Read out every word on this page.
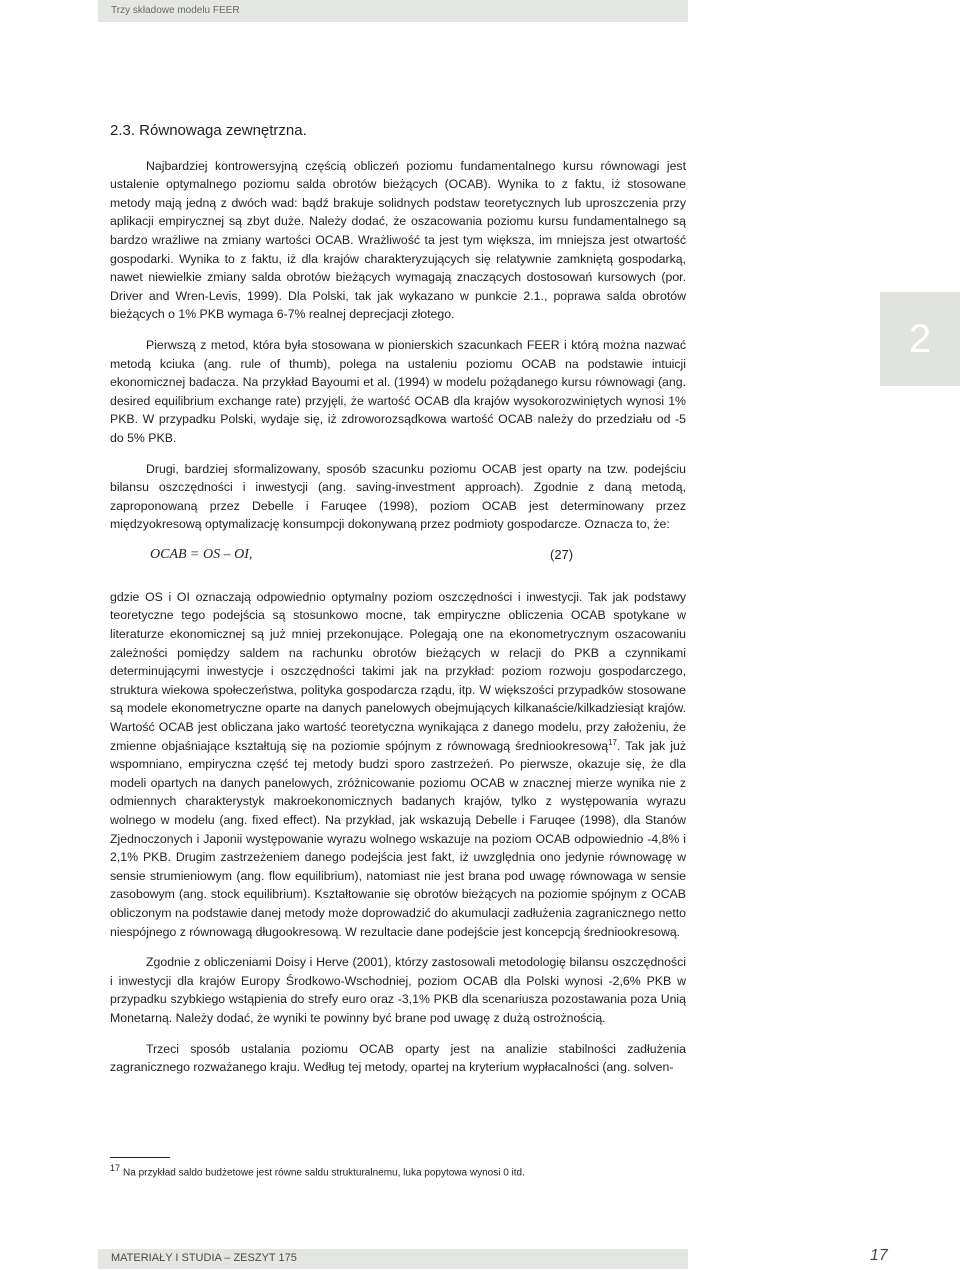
Trzy składowe modelu FEER
2
2.3. Równowaga zewnętrzna.

Najbardziej kontrowersyjną częścią obliczeń poziomu fundamentalnego kursu równowagi jest ustalenie optymalnego poziomu salda obrotów bieżących (OCAB). Wynika to z faktu, iż stosowane metody mają jedną z dwóch wad: bądź brakuje solidnych podstaw teoretycznych lub uproszczenia przy aplikacji empirycznej są zbyt duże. Należy dodać, że oszacowania poziomu kursu fundamentalnego są bardzo wrażliwe na zmiany wartości OCAB. Wrażliwość ta jest tym większa, im mniejsza jest otwartość gospodarki. Wynika to z faktu, iż dla krajów charakteryzujących się relatywnie zamkniętą gospodarką, nawet niewielkie zmiany salda obrotów bieżących wymagają znaczących dostosowań kursowych (por. Driver and Wren-Levis, 1999). Dla Polski, tak jak wykazano w punkcie 2.1., poprawa salda obrotów bieżących o 1% PKB wymaga 6-7% realnej deprecjacji złotego.

Pierwszą z metod, która była stosowana w pionierskich szacunkach FEER i którą można nazwać metodą kciuka (ang. rule of thumb), polega na ustaleniu poziomu OCAB na podstawie intuicji ekonomicznej badacza. Na przykład Bayoumi et al. (1994) w modelu pożądanego kursu równowagi (ang. desired equilibrium exchange rate) przyjęli, że wartość OCAB dla krajów wysokorozwiniętych wynosi 1% PKB. W przypadku Polski, wydaje się, iż zdroworozsądkowa wartość OCAB należy do przedziału od -5 do 5% PKB.

Drugi, bardziej sformalizowany, sposób szacunku poziomu OCAB jest oparty na tzw. podejściu bilansu oszczędności i inwestycji (ang. saving-investment approach). Zgodnie z daną metodą, zaproponowaną przez Debelle i Faruqee (1998), poziom OCAB jest determinowany przez międzyokresową optymalizację konsumpcji dokonywaną przez podmioty gospodarcze. Oznacza to, że:

OCAB = OS – OI,	(27)

gdzie OS i OI oznaczają odpowiednio optymalny poziom oszczędności i inwestycji. Tak jak podstawy teoretyczne tego podejścia są stosunkowo mocne, tak empiryczne obliczenia OCAB spotykane w literaturze ekonomicznej są już mniej przekonujące. Polegają one na ekonometrycznym oszacowaniu zależności pomiędzy saldem na rachunku obrotów bieżących w relacji do PKB a czynnikami determinującymi inwestycje i oszczędności takimi jak na przykład: poziom rozwoju gospodarczego, struktura wiekowa społeczeństwa, polityka gospodarcza rządu, itp. W większości przypadków stosowane są modele ekonometryczne oparte na danych panelowych obejmujących kilkanaście/kilkadziesiąt krajów. Wartość OCAB jest obliczana jako wartość teoretyczna wynikająca z danego modelu, przy założeniu, że zmienne objaśniające kształtują się na poziomie spójnym z równowagą średniookresową$^{17}$. Tak jak już wspomniano, empiryczna część tej metody budzi sporo zastrzeżeń. Po pierwsze, okazuje się, że dla modeli opartych na danych panelowych, zróżnicowanie poziomu OCAB w znacznej mierze wynika nie z odmiennych charakterystyk makroekonomicznych badanych krajów, tylko z występowania wyrazu wolnego w modelu (ang. fixed effect). Na przykład, jak wskazują Debelle i Faruqee (1998), dla Stanów Zjednoczonych i Japonii występowanie wyrazu wolnego wskazuje na poziom OCAB odpowiednio -4,8% i 2,1% PKB. Drugim zastrzeżeniem danego podejścia jest fakt, iż uwzględnia ono jedynie równowagę w sensie strumieniowym (ang. flow equilibrium), natomiast nie jest brana pod uwagę równowaga w sensie zasobowym (ang. stock equilibrium). Kształtowanie się obrotów bieżących na poziomie spójnym z OCAB obliczonym na podstawie danej metody może doprowadzić do akumulacji zadłużenia zagranicznego netto niespójnego z równowagą długookresową. W rezultacie dane podejście jest koncepcją średniookresową.

Zgodnie z obliczeniami Doisy i Herve (2001), którzy zastosowali metodologię bilansu oszczędności i inwestycji dla krajów Europy Środkowo-Wschodniej, poziom OCAB dla Polski wynosi -2,6% PKB w przypadku szybkiego wstąpienia do strefy euro oraz -3,1% PKB dla scenariusza pozostawania poza Unią Monetarną. Należy dodać, że wyniki te powinny być brane pod uwagę z dużą ostrożnością.

Trzeci sposób ustalania poziomu OCAB oparty jest na analizie stabilności zadłużenia zagranicznego rozważanego kraju. Według tej metody, opartej na kryterium wypłacalności (ang. solven-

17 Na przykład saldo budżetowe jest równe saldu strukturalnemu, luka popytowa wynosi 0 itd.
MATERIAŁY I STUDIA – ZESZYT 175	17
